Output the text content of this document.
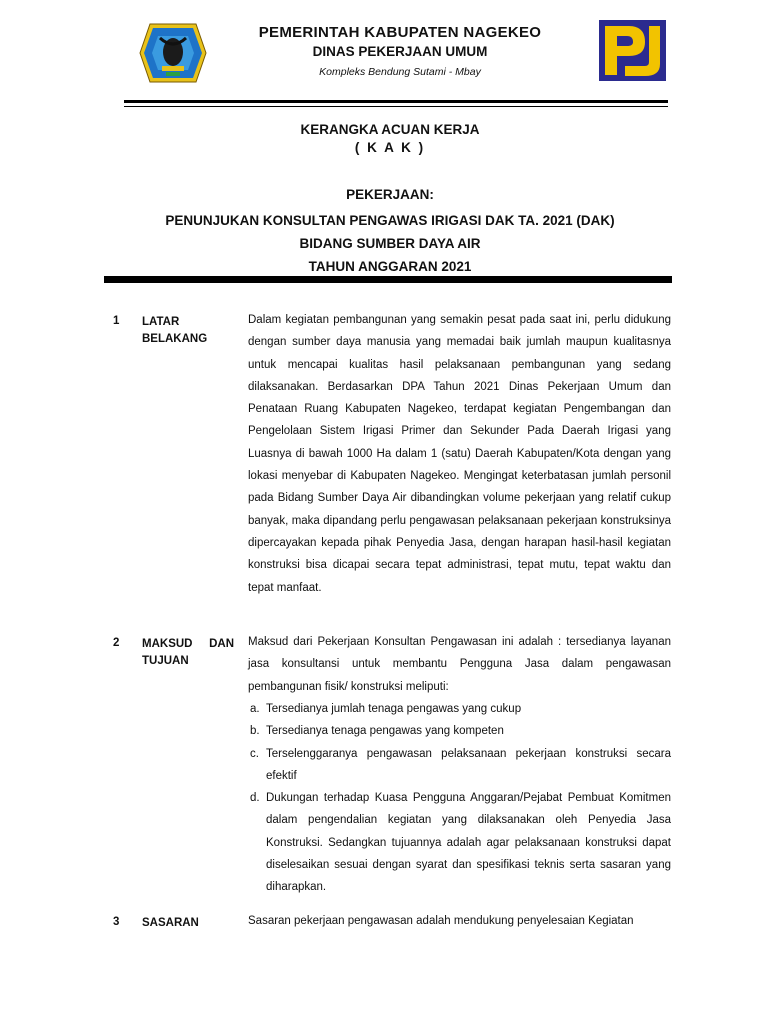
PEMERINTAH KABUPATEN NAGEKEO
DINAS PEKERJAAN UMUM
Kompleks Bendung Sutami - Mbay
KERANGKA ACUAN KERJA
( K A K )
PEKERJAAN:
PENUNJUKAN KONSULTAN PENGAWAS IRIGASI DAK TA. 2021 (DAK)
BIDANG SUMBER DAYA AIR
TAHUN ANGGARAN 2021
1 LATAR
BELAKANG
Dalam kegiatan pembangunan yang semakin pesat pada saat ini, perlu didukung dengan sumber daya manusia yang memadai baik jumlah maupun kualitasnya untuk mencapai kualitas hasil pelaksanaan pembangunan yang sedang dilaksanakan. Berdasarkan DPA Tahun 2021 Dinas Pekerjaan Umum dan Penataan Ruang Kabupaten Nagekeo, terdapat kegiatan Pengembangan dan Pengelolaan Sistem Irigasi Primer dan Sekunder Pada Daerah Irigasi yang Luasnya di bawah 1000 Ha dalam 1 (satu) Daerah Kabupaten/Kota dengan yang lokasi menyebar di Kabupaten Nagekeo. Mengingat keterbatasan jumlah personil pada Bidang Sumber Daya Air dibandingkan volume pekerjaan yang relatif cukup banyak, maka dipandang perlu pengawasan pelaksanaan pekerjaan konstruksinya dipercayakan kepada pihak Penyedia Jasa, dengan harapan hasil-hasil kegiatan konstruksi bisa dicapai secara tepat administrasi, tepat mutu, tepat waktu dan tepat manfaat.
2 MAKSUD DAN
TUJUAN
Maksud dari Pekerjaan Konsultan Pengawasan ini adalah : tersedianya layanan jasa konsultansi untuk membantu Pengguna Jasa dalam pengawasan pembangunan fisik/ konstruksi meliputi:
a. Tersedianya jumlah tenaga pengawas yang cukup
b. Tersedianya tenaga pengawas yang kompeten
c. Terselenggaranya pengawasan pelaksanaan pekerjaan konstruksi secara efektif
d. Dukungan terhadap Kuasa Pengguna Anggaran/Pejabat Pembuat Komitmen dalam pengendalian kegiatan yang dilaksanakan oleh Penyedia Jasa Konstruksi. Sedangkan tujuannya adalah agar pelaksanaan konstruksi dapat diselesaikan sesuai dengan syarat dan spesifikasi teknis serta sasaran yang diharapkan.
3 SASARAN	Sasaran pekerjaan pengawasan adalah mendukung penyelesaian Kegiatan
